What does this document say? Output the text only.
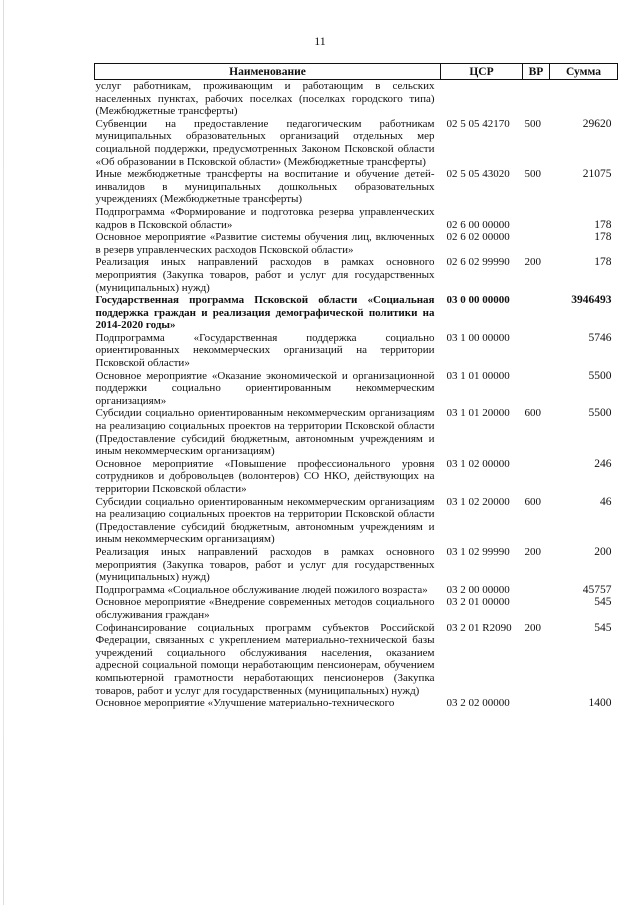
11
Наименование	ЦСР	ВР	Сумма
услуг работникам, проживающим и работающим в сельских населенных пунктах, рабочих поселках (поселках городского типа) (Межбюджетные трансферты)			
Субвенции на предоставление педагогическим работникам муниципальных образовательных организаций отдельных мер социальной поддержки, предусмотренных Законом Псковской области «Об образовании в Псковской области» (Межбюджетные трансферты)	02 5 05 42170	500	29620
Иные межбюджетные трансферты на воспитание и обучение детей-инвалидов в муниципальных дошкольных образовательных учреждениях (Межбюджетные трансферты)	02 5 05 43020	500	21075
Подпрограмма «Формирование и подготовка резерва управленческих кадров в Псковской области»	02 6 00 00000		178
Основное мероприятие «Развитие системы обучения лиц, включенных в резерв управленческих расходов Псковской области»	02 6 02 00000		178
Реализация иных направлений расходов в рамках основного мероприятия (Закупка товаров, работ и услуг для государственных (муниципальных) нужд)	02 6 02 99990	200	178
Государственная программа Псковской области «Социальная поддержка граждан и реализация демографической политики на 2014-2020 годы»	03 0 00 00000		3946493
Подпрограмма «Государственная поддержка социально ориентированных некоммерческих организаций на территории Псковской области»	03 1 00 00000		5746
Основное мероприятие «Оказание экономической и организационной поддержки социально ориентированным некоммерческим организациям»	03 1 01 00000		5500
Субсидии социально ориентированным некоммерческим организациям на реализацию социальных проектов на территории Псковской области (Предоставление субсидий бюджетным, автономным учреждениям и иным некоммерческим организациям)	03 1 01 20000	600	5500
Основное мероприятие «Повышение профессионального уровня сотрудников и добровольцев (волонтеров) СО НКО, действующих на территории Псковской области»	03 1 02 00000		246
Субсидии социально ориентированным некоммерческим организациям на реализацию социальных проектов на территории Псковской области (Предоставление субсидий бюджетным, автономным учреждениям и иным некоммерческим организациям)	03 1 02 20000	600	46
Реализация иных направлений расходов в рамках основного мероприятия (Закупка товаров, работ и услуг для государственных (муниципальных) нужд)	03 1 02 99990	200	200
Подпрограмма «Социальное обслуживание людей пожилого возраста»	03 2 00 00000		45757
Основное мероприятие «Внедрение современных методов социального обслуживания граждан»	03 2 01 00000		545
Софинансирование социальных программ субъектов Российской Федерации, связанных с укреплением материально-технической базы учреждений социального обслуживания населения, оказанием адресной социальной помощи неработающим пенсионерам, обучением компьютерной грамотности неработающих пенсионеров (Закупка товаров, работ и услуг для государственных (муниципальных) нужд)	03 2 01 R2090	200	545
Основное мероприятие «Улучшение материально-технического	03 2 02 00000		1400
